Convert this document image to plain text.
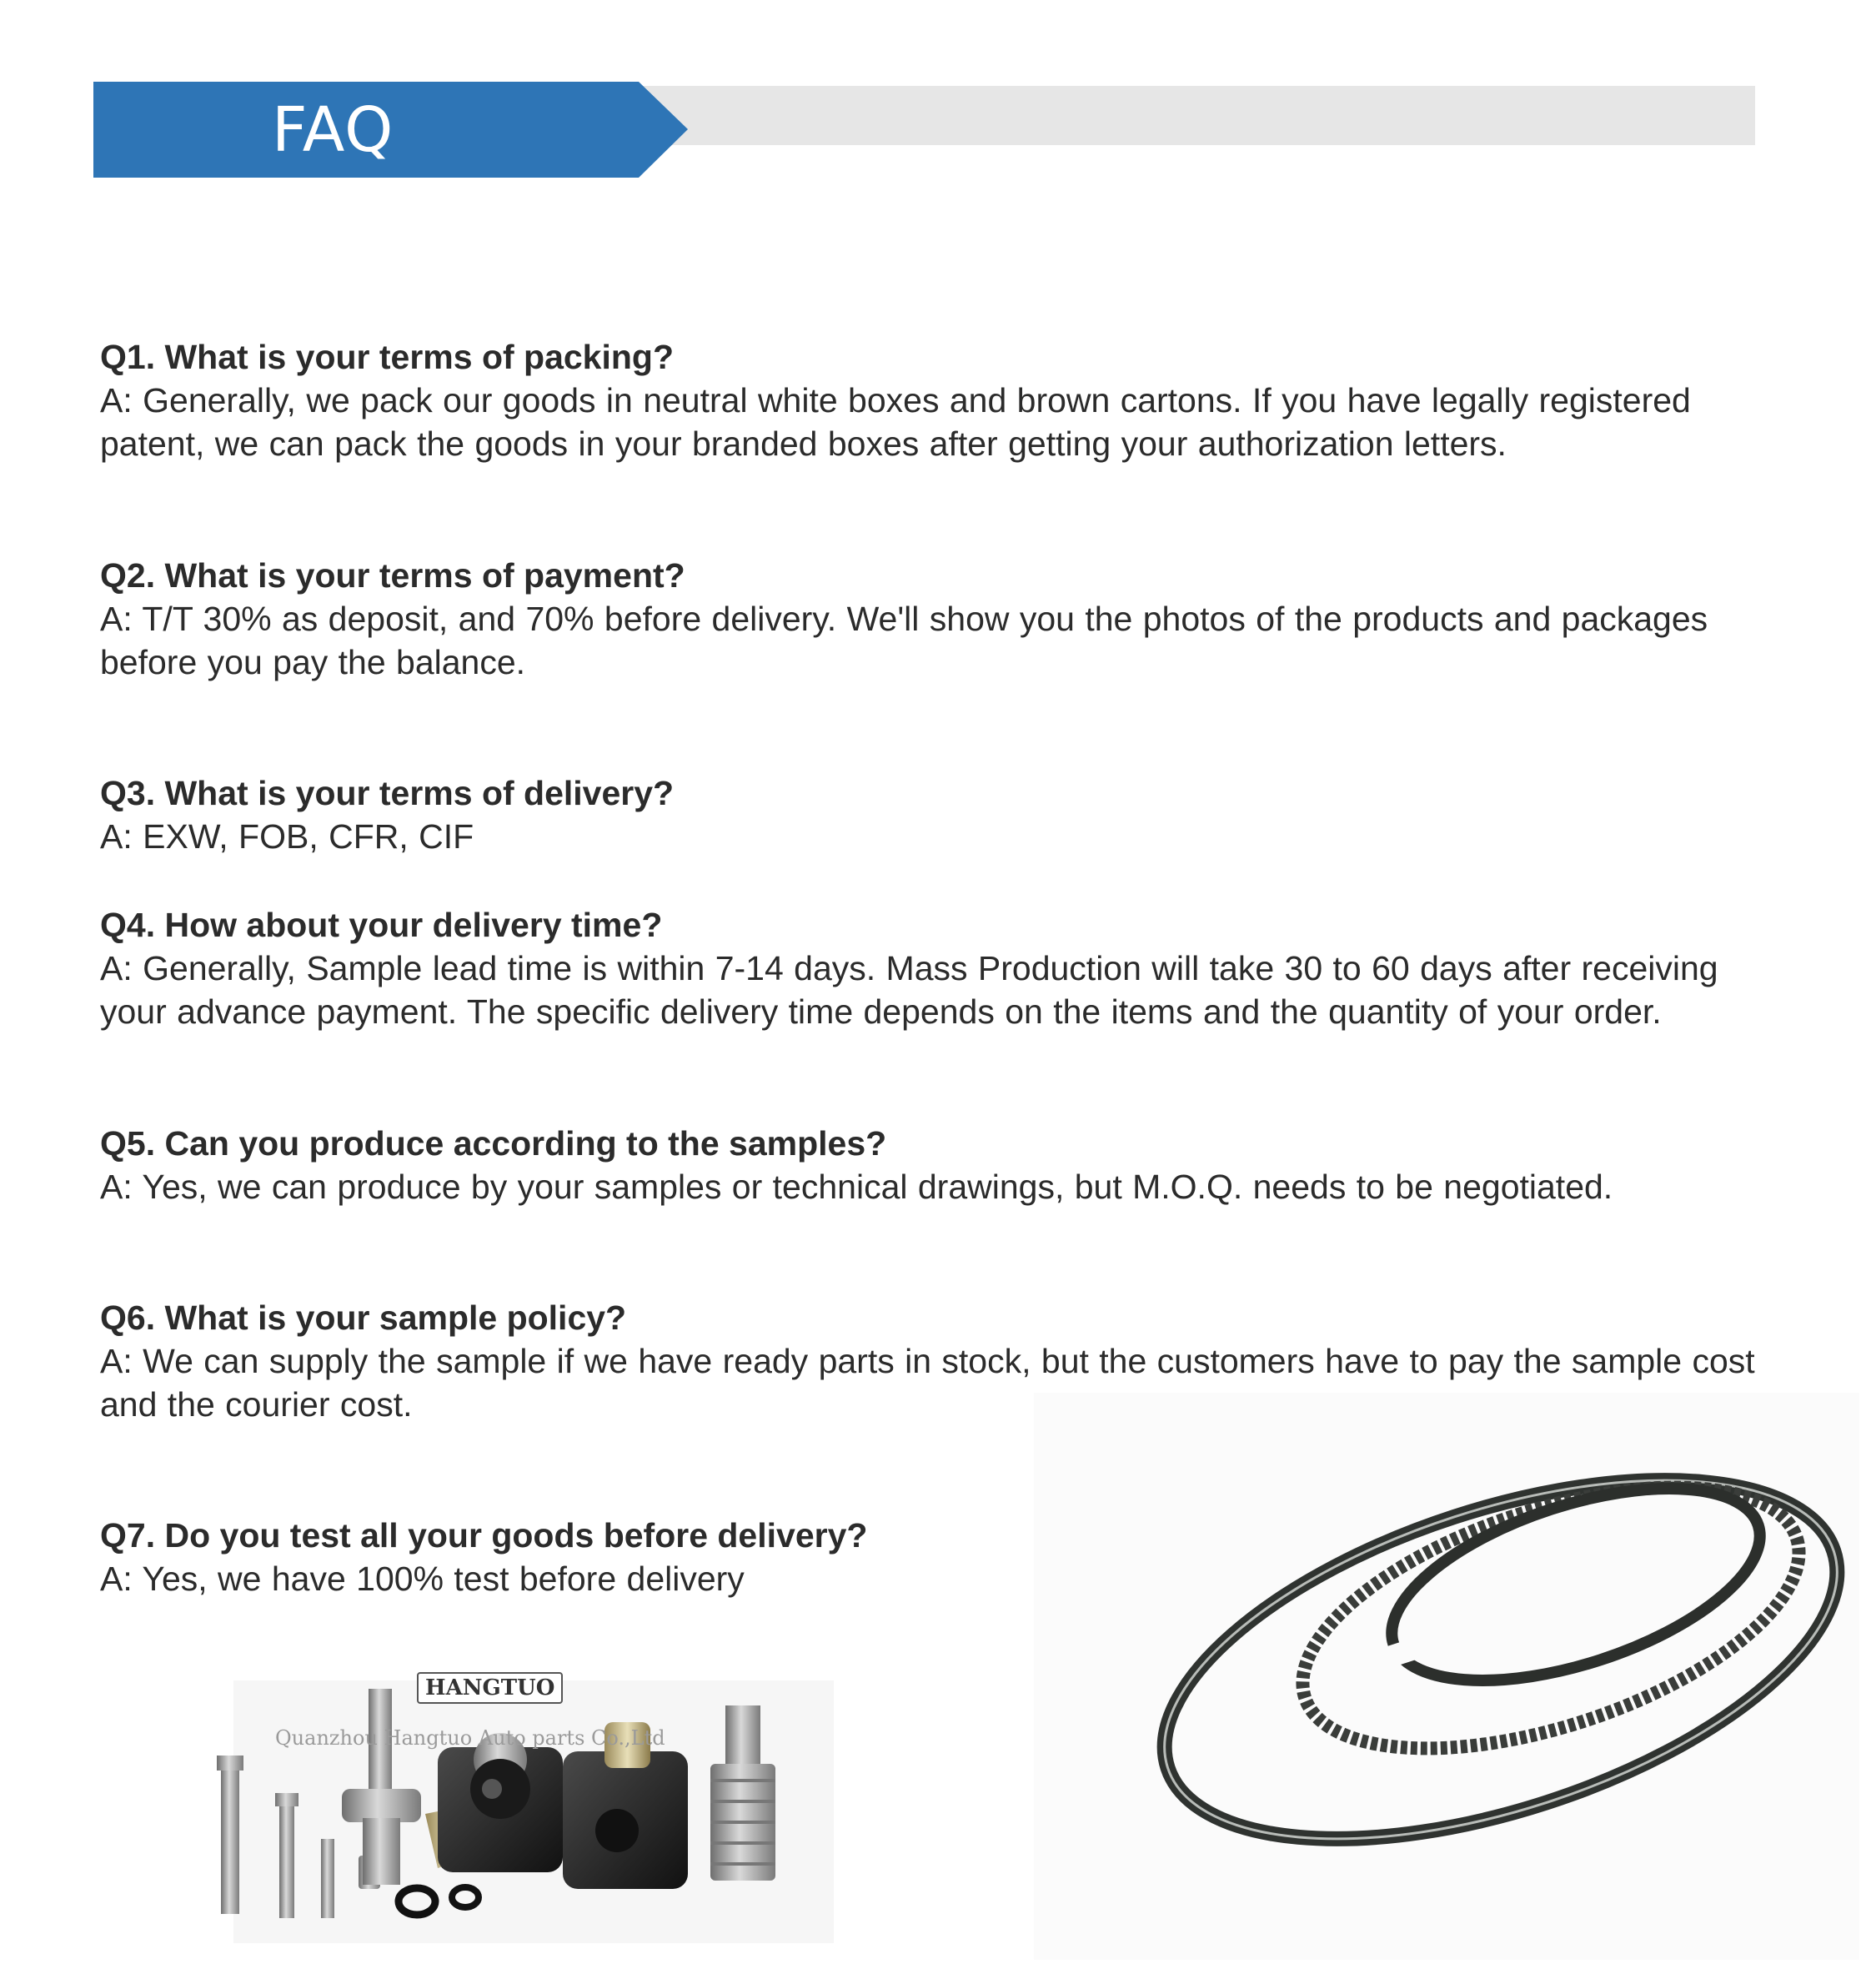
FAQ
Q1. What is your terms of packing?
A: Generally, we pack our goods in neutral white boxes and brown cartons. If you have legally registered
patent, we can pack the goods in your branded boxes after getting your authorization letters.
Q2. What is your terms of payment?
A: T/T 30% as deposit, and 70% before delivery. We'll show you the photos of the products and packages
before you pay the balance.
Q3. What is your terms of delivery?
A: EXW, FOB, CFR, CIF
Q4. How about your delivery time?
A: Generally, Sample lead time is within 7-14 days. Mass Production will take 30 to 60 days after receiving
your advance payment. The specific delivery time depends on the items and the quantity of your order.
Q5. Can you produce according to the samples?
A: Yes, we can produce by your samples or technical drawings, but M.O.Q. needs to be negotiated.
Q6. What is your sample policy?
A: We can supply the sample if we have ready parts in stock, but the customers have to pay the sample cost
and the courier cost.
Q7. Do you test all your goods before delivery?
A: Yes, we have 100% test before delivery
HANGTUO
Quanzhou Hangtuo Auto parts Co.,Ltd
